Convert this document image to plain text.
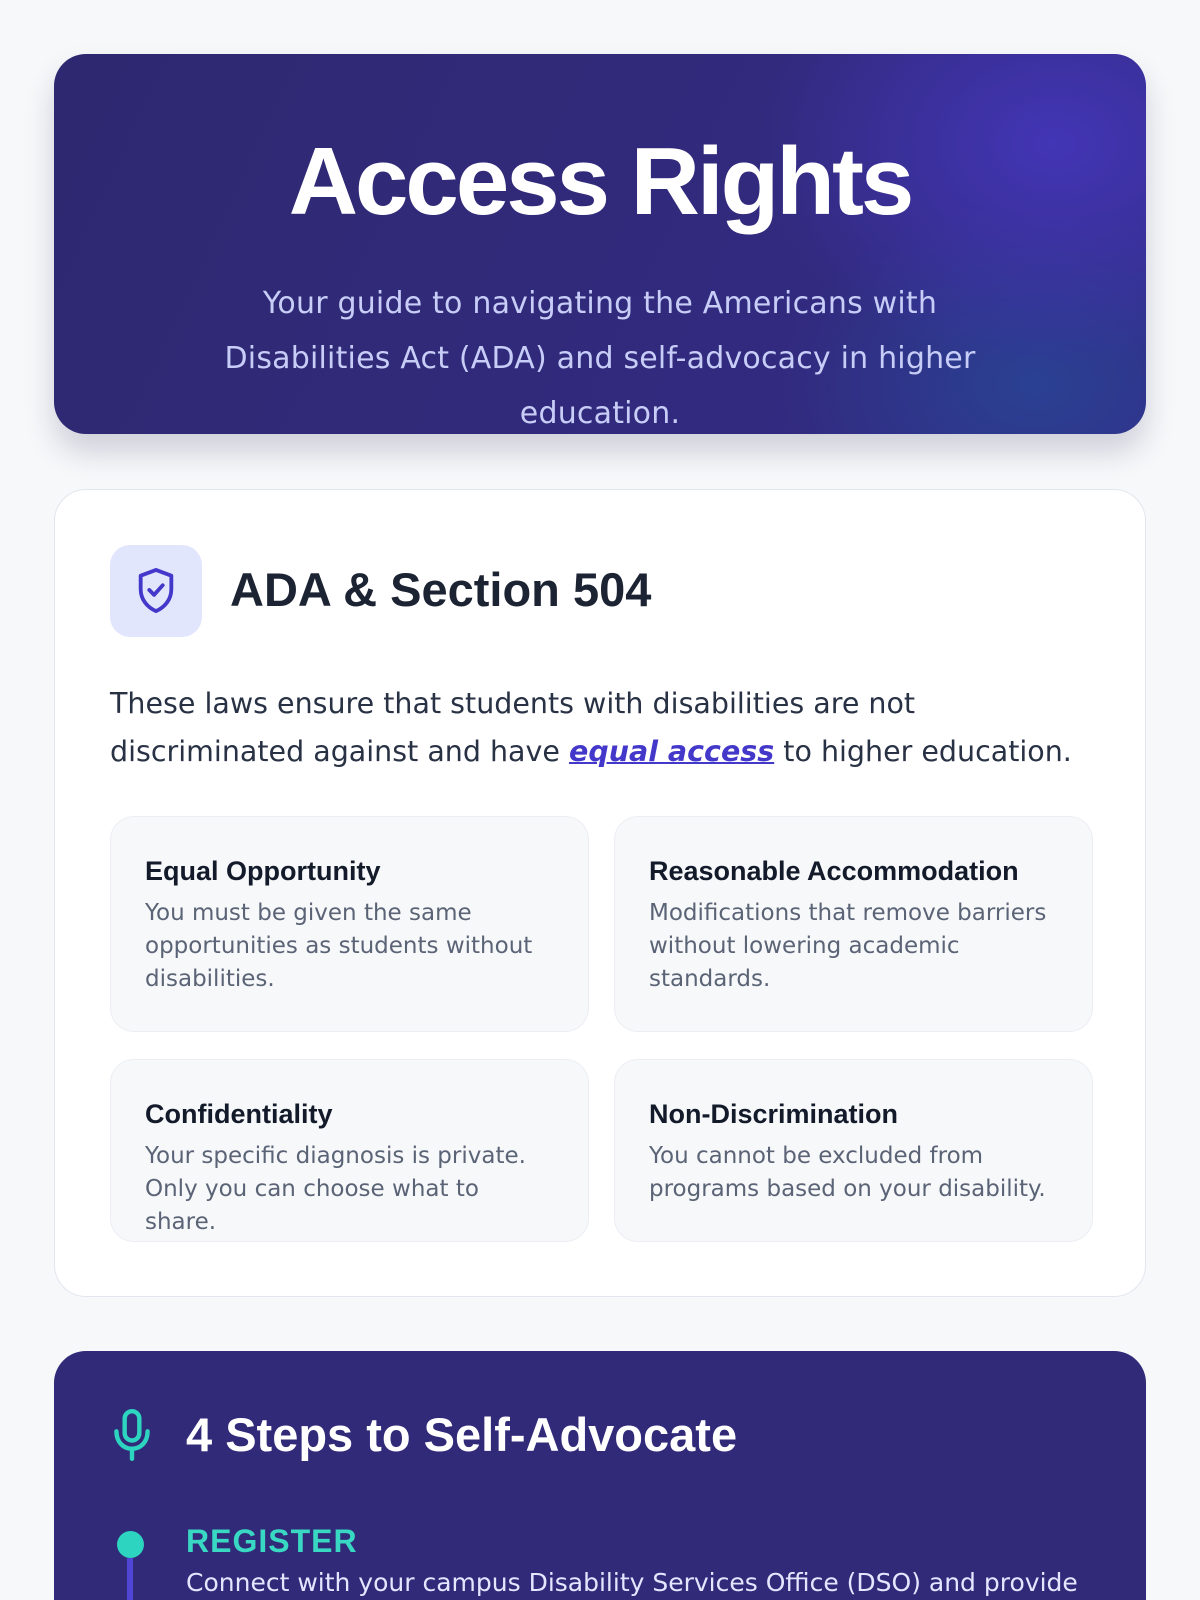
Access Rights

Your guide to navigating the Americans with Disabilities Act (ADA) and self-advocacy in higher education.

ADA & Section 504

These laws ensure that students with disabilities are not discriminated against and have equal access to higher education.

Equal Opportunity
You must be given the same opportunities as students without disabilities.
Reasonable Accommodation
Modifications that remove barriers without lowering academic standards.
Confidentiality
Your specific diagnosis is private. Only you can choose what to share.
Non-Discrimination
You cannot be excluded from programs based on your disability.
4 Steps to Self-Advocate
REGISTER
Connect with your campus Disability Services Office (DSO) and provide
